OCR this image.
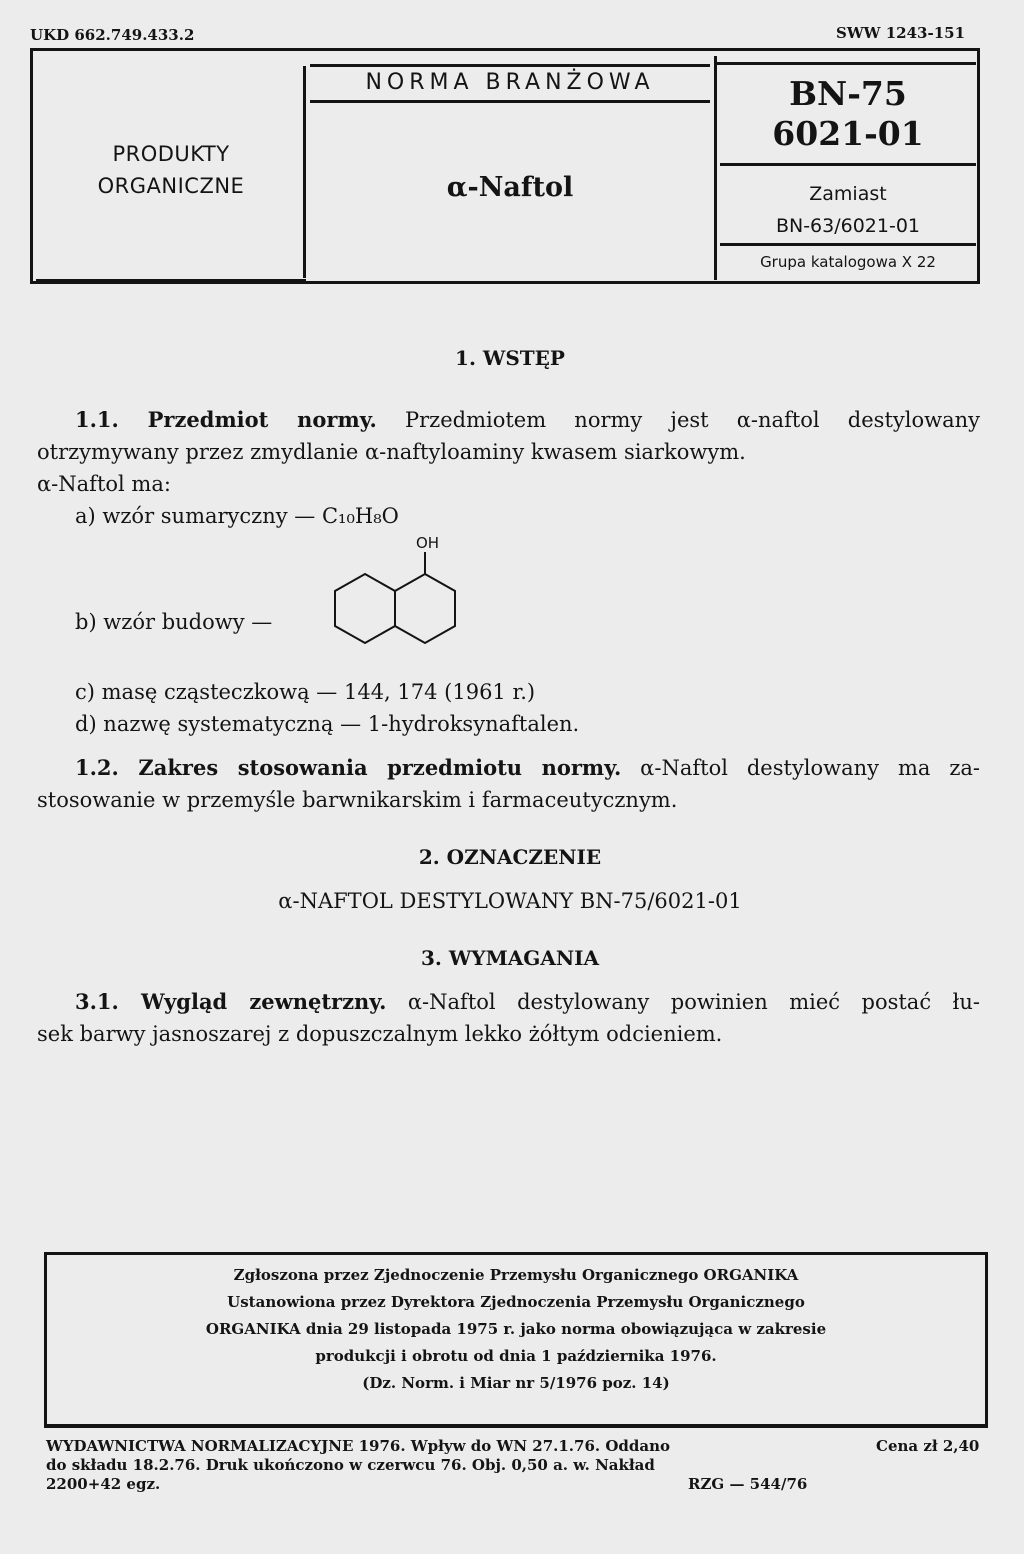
UKD 662.749.433.2	SWW 1243-151
PRODUKTY
ORGANICZNE
NORMA BRANŻOWA
α-Naftol
BN-75
6021-01
Zamiast
BN-63/6021-01
Grupa katalogowa X 22
1. WSTĘP
1.1. Przedmiot normy. Przedmiotem normy jest α-naftol destylowany
otrzymywany przez zmydlanie α-naftyloaminy kwasem siarkowym.
α-Naftol ma:
a) wzór sumaryczny — C₁₀H₈O
b) wzór budowy —
OH
c) masę cząsteczkową — 144, 174 (1961 r.)
d) nazwę systematyczną — 1-hydroksynaftalen.
1.2. Zakres stosowania przedmiotu normy. α-Naftol destylowany ma za-
stosowanie w przemyśle barwnikarskim i farmaceutycznym.
2. OZNACZENIE
α-NAFTOL DESTYLOWANY BN-75/6021-01
3. WYMAGANIA
3.1. Wygląd zewnętrzny. α-Naftol destylowany powinien mieć postać łu-
sek barwy jasnoszarej z dopuszczalnym lekko żółtym odcieniem.
Zgłoszona przez Zjednoczenie Przemysłu Organicznego ORGANIKA
Ustanowiona przez Dyrektora Zjednoczenia Przemysłu Organicznego
ORGANIKA dnia 29 listopada 1975 r. jako norma obowiązująca w zakresie
produkcji i obrotu od dnia 1 października 1976.
(Dz. Norm. i Miar nr 5/1976 poz. 14)
WYDAWNICTWA NORMALIZACYJNE 1976. Wpływ do WN 27.1.76. Oddano
do składu 18.2.76. Druk ukończono w czerwcu 76. Obj. 0,50 a. w. Nakład
2200+42 egz.	RZG — 544/76
Cena zł 2,40
